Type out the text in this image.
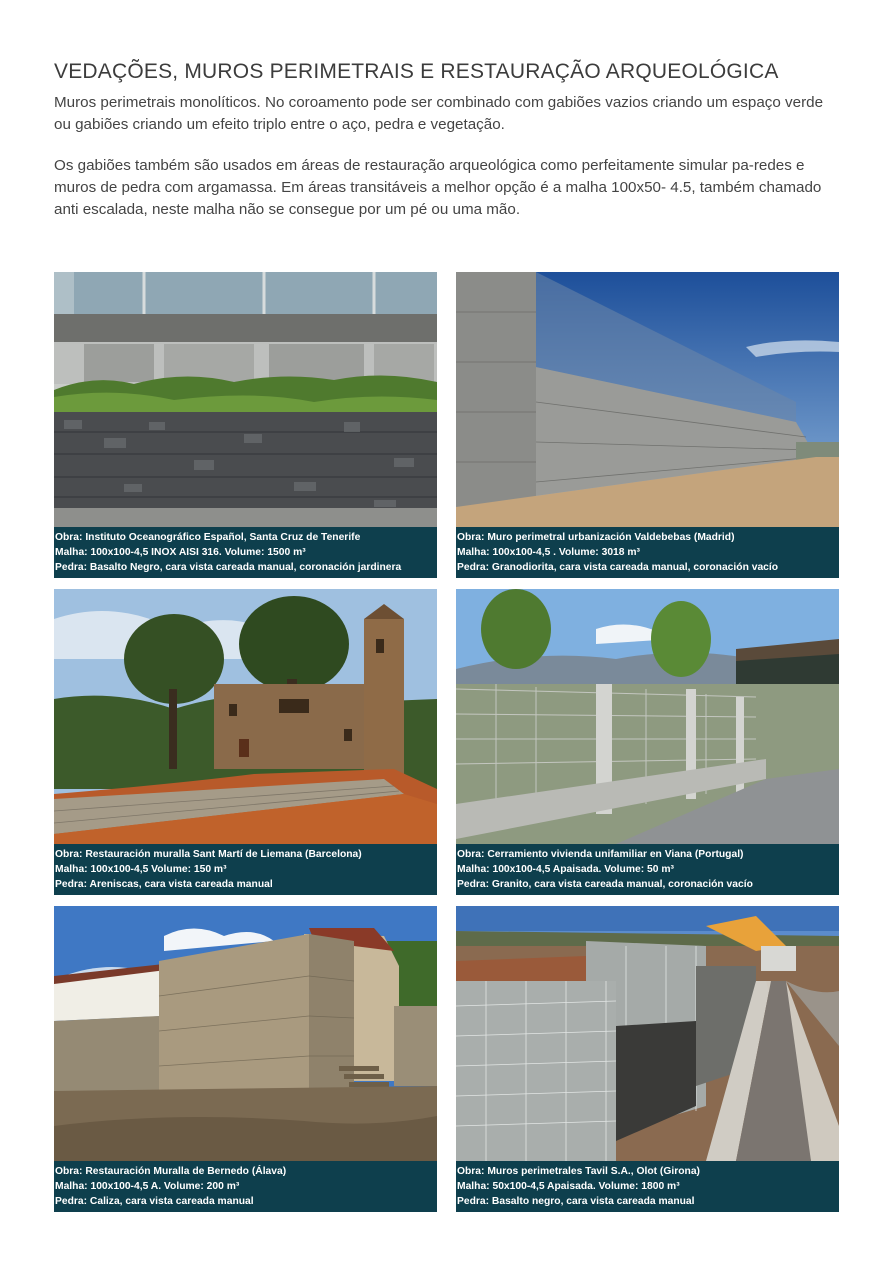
VEDAÇÕES, MUROS PERIMETRAIS E RESTAURAÇÃO ARQUEOLÓGICA

Muros perimetrais monolíticos. No coroamento pode ser combinado com gabiões vazios criando um espaço verde ou gabiões criando um efeito triplo entre o aço, pedra e vegetação.

Os gabiões também são usados em áreas de restauração arqueológica como perfeitamente simular pa-redes e muros de pedra com argamassa. Em áreas transitáveis a melhor opção é a malha 100x50- 4.5, também chamado anti escalada, neste malha não se consegue por um pé ou uma mão.

Obra: Instituto Oceanográfico Español, Santa Cruz de Tenerife
Malha: 100x100-4,5 INOX AISI 316. Volume: 1500 m³
Pedra: Basalto Negro, cara vista careada manual, coronación jardinera
Obra: Muro perimetral urbanización Valdebebas (Madrid)
Malha: 100x100-4,5 . Volume: 3018 m³
Pedra: Granodiorita, cara vista careada manual, coronación vacío
Obra: Restauración muralla Sant Martí de Liemana (Barcelona)
Malha: 100x100-4,5 Volume: 150 m³
Pedra: Areniscas, cara vista careada manual
Obra: Cerramiento vivienda unifamiliar en Viana (Portugal)
Malha: 100x100-4,5 Apaisada. Volume: 50 m³
Pedra: Granito, cara vista careada manual, coronación vacío
Obra: Restauración Muralla de Bernedo (Álava)
Malha: 100x100-4,5 A. Volume: 200 m³
Pedra: Caliza, cara vista careada manual
Obra: Muros perimetrales Tavil S.A., Olot (Girona)
Malha: 50x100-4,5 Apaisada. Volume: 1800 m³
Pedra: Basalto negro, cara vista careada manual
